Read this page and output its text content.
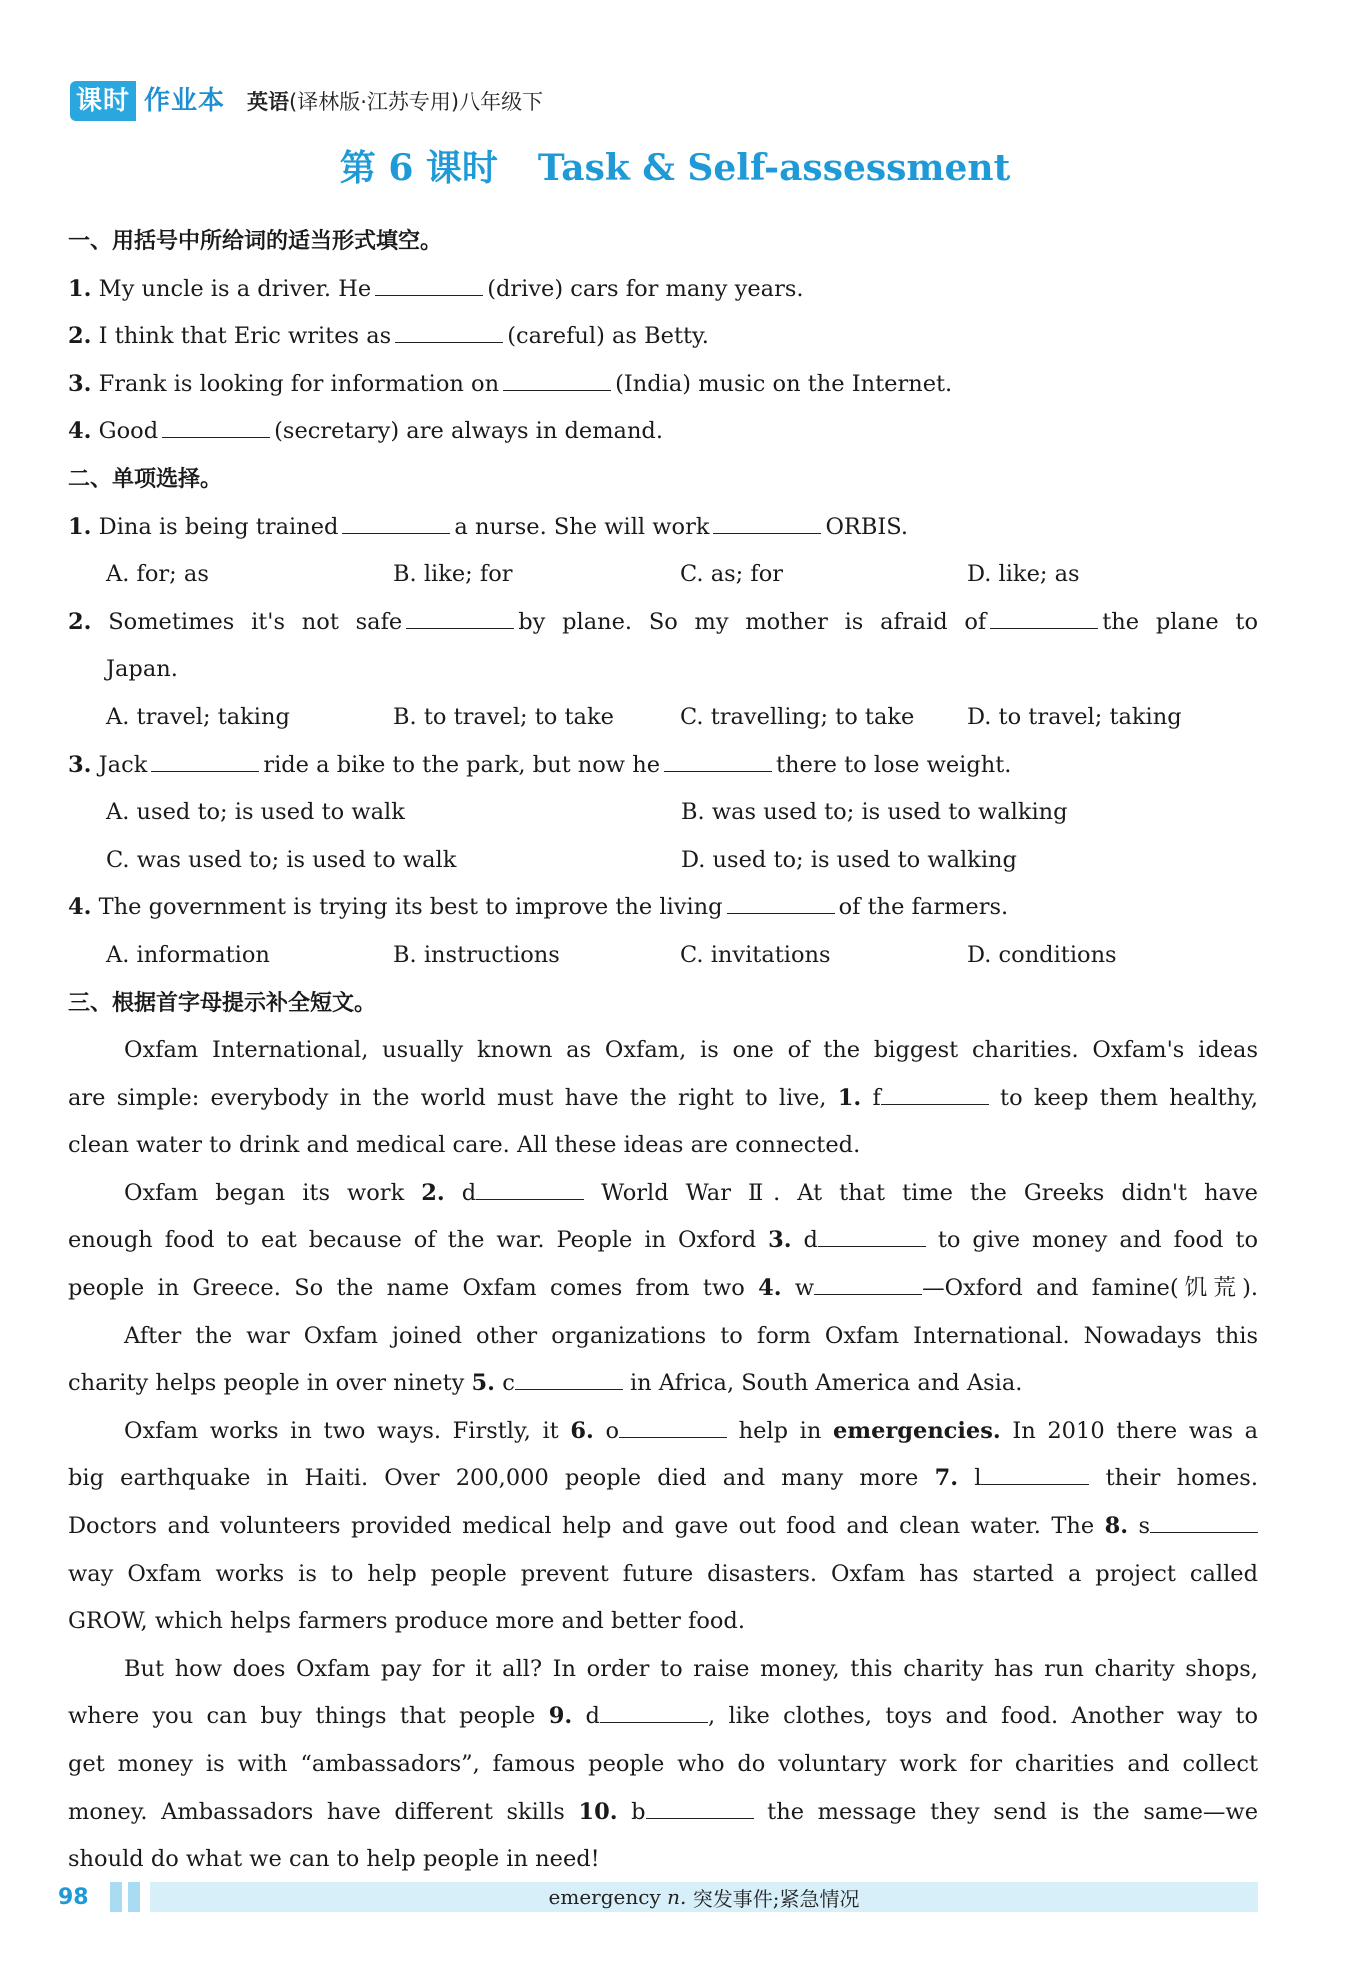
课时 作业本	英语(译林版·江苏专用)八年级下
第 6 课时 Task & Self-assessment
一、用括号中所给词的适当形式填空。
1. My uncle is a driver. He	(drive) cars for many years.
2. I think that Eric writes as	(careful) as Betty.
3. Frank is looking for information on	(India) music on the Internet.
4. Good	(secretary) are always in demand.
二、单项选择。
1. Dina is being trained	a nurse. She will work	ORBIS.
A. for; as	B. like; for	C. as; for	D. like; as
2. Sometimes it's not safe	by plane. So my mother is afraid of	the plane to
Japan.
A. travel; taking	B. to travel; to take	C. travelling; to take	D. to travel; taking
3. Jack	ride a bike to the park, but now he	there to lose weight.
A. used to; is used to walk	B. was used to; is used to walking
C. was used to; is used to walk	D. used to; is used to walking
4. The government is trying its best to improve the living	of the farmers.
A. information	B. instructions	C. invitations	D. conditions
三、根据首字母提示补全短文。
Oxfam International, usually known as Oxfam, is one of the biggest charities. Oxfam's ideas
are simple: everybody in the world must have the right to live, 1. f	to keep them healthy,
clean water to drink and medical care. All these ideas are connected.
Oxfam began its work 2. d	World War Ⅱ. At that time the Greeks didn't have
enough food to eat because of the war. People in Oxford 3. d	to give money and food to
people in Greece. So the name Oxfam comes from two 4. w	—Oxford and famine(饥荒).
After the war Oxfam joined other organizations to form Oxfam International. Nowadays this
charity helps people in over ninety 5. c	in Africa, South America and Asia.
Oxfam works in two ways. Firstly, it 6. o	help in emergencies. In 2010 there was a
big earthquake in Haiti. Over 200,000 people died and many more 7. l	their homes.
Doctors and volunteers provided medical help and gave out food and clean water. The 8. s
way Oxfam works is to help people prevent future disasters. Oxfam has started a project called
GROW, which helps farmers produce more and better food.
But how does Oxfam pay for it all? In order to raise money, this charity has run charity shops,
where you can buy things that people 9. d	, like clothes, toys and food. Another way to
get money is with “ambassadors”, famous people who do voluntary work for charities and collect
money. Ambassadors have different skills 10. b	the message they send is the same—we
should do what we can to help people in need!
98	emergency
n.
突发事件;紧急情况
